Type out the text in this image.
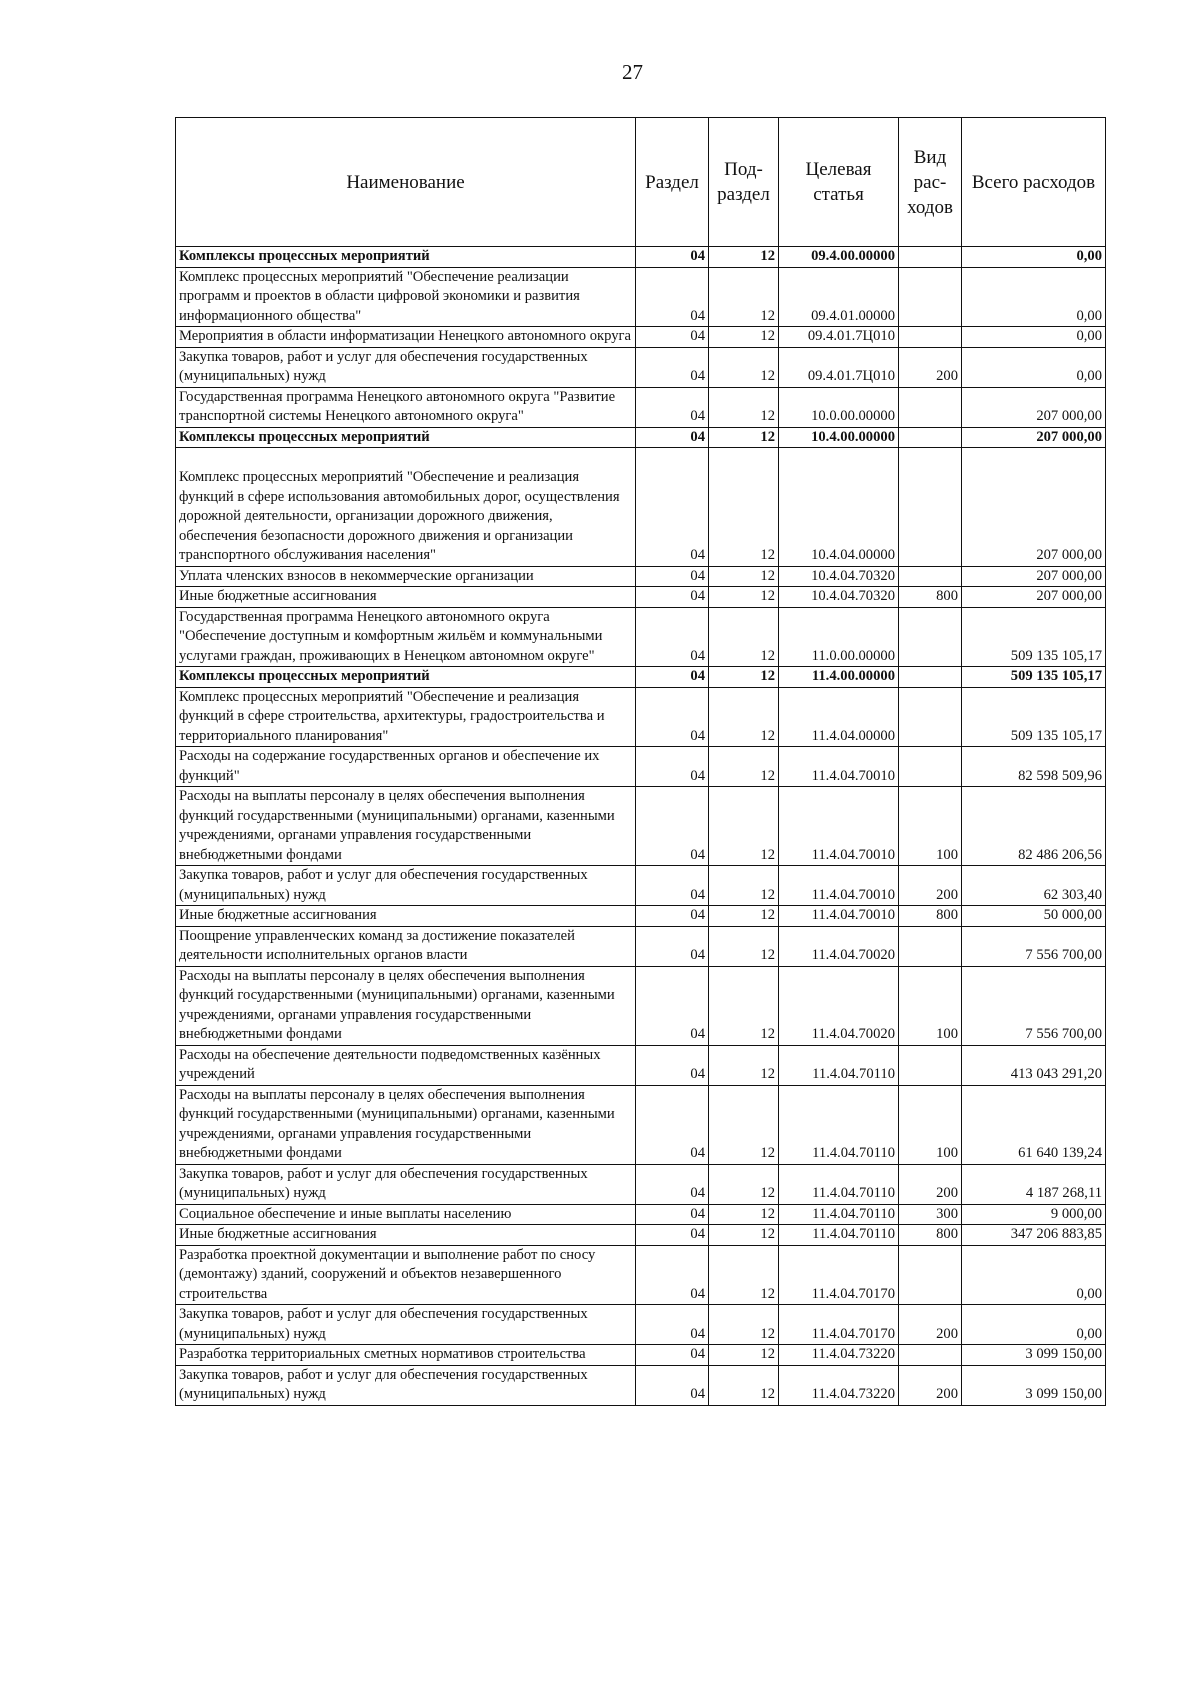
27
Наименование	Раздел	Под-раздел	Целевая статья	Вид рас-ходов	Всего расходов
Комплексы процессных мероприятий	04	12	09.4.00.00000		0,00
Комплекс процессных мероприятий "Обеспечение реализации программ и проектов в области цифровой экономики и развития информационного общества"	04	12	09.4.01.00000		0,00
Мероприятия в области информатизации Ненецкого автономного округа	04	12	09.4.01.7Ц010		0,00
Закупка товаров, работ и услуг для обеспечения государственных (муниципальных) нужд	04	12	09.4.01.7Ц010	200	0,00
Государственная программа Ненецкого автономного округа "Развитие транспортной системы Ненецкого автономного округа"	04	12	10.0.00.00000		207 000,00
Комплексы процессных мероприятий	04	12	10.4.00.00000		207 000,00
Комплекс процессных мероприятий "Обеспечение и реализация функций в сфере использования автомобильных дорог, осуществления дорожной деятельности, организации дорожного движения, обеспечения безопасности дорожного движения и организации транспортного обслуживания населения"	04	12	10.4.04.00000		207 000,00
Уплата членских взносов в некоммерческие организации	04	12	10.4.04.70320		207 000,00
Иные бюджетные ассигнования	04	12	10.4.04.70320	800	207 000,00
Государственная программа Ненецкого автономного округа "Обеспечение доступным и комфортным жильём и коммунальными услугами граждан, проживающих в Ненецком автономном округе"	04	12	11.0.00.00000		509 135 105,17
Комплексы процессных мероприятий	04	12	11.4.00.00000		509 135 105,17
Комплекс процессных мероприятий "Обеспечение и реализация функций в сфере строительства, архитектуры, градостроительства и территориального планирования"	04	12	11.4.04.00000		509 135 105,17
Расходы на содержание государственных органов и обеспечение их функций"	04	12	11.4.04.70010		82 598 509,96
Расходы на выплаты персоналу в целях обеспечения выполнения функций государственными (муниципальными) органами, казенными учреждениями, органами управления государственными внебюджетными фондами	04	12	11.4.04.70010	100	82 486 206,56
Закупка товаров, работ и услуг для обеспечения государственных (муниципальных) нужд	04	12	11.4.04.70010	200	62 303,40
Иные бюджетные ассигнования	04	12	11.4.04.70010	800	50 000,00
Поощрение управленческих команд за достижение показателей деятельности исполнительных органов власти	04	12	11.4.04.70020		7 556 700,00
Расходы на выплаты персоналу в целях обеспечения выполнения функций государственными (муниципальными) органами, казенными учреждениями, органами управления государственными внебюджетными фондами	04	12	11.4.04.70020	100	7 556 700,00
Расходы на обеспечение деятельности подведомственных казённых учреждений	04	12	11.4.04.70110		413 043 291,20
Расходы на выплаты персоналу в целях обеспечения выполнения функций государственными (муниципальными) органами, казенными учреждениями, органами управления государственными внебюджетными фондами	04	12	11.4.04.70110	100	61 640 139,24
Закупка товаров, работ и услуг для обеспечения государственных (муниципальных) нужд	04	12	11.4.04.70110	200	4 187 268,11
Социальное обеспечение и иные выплаты населению	04	12	11.4.04.70110	300	9 000,00
Иные бюджетные ассигнования	04	12	11.4.04.70110	800	347 206 883,85
Разработка проектной документации и выполнение работ по сносу (демонтажу) зданий, сооружений и объектов незавершенного строительства	04	12	11.4.04.70170		0,00
Закупка товаров, работ и услуг для обеспечения государственных (муниципальных) нужд	04	12	11.4.04.70170	200	0,00
Разработка территориальных сметных нормативов строительства	04	12	11.4.04.73220		3 099 150,00
Закупка товаров, работ и услуг для обеспечения государственных (муниципальных) нужд	04	12	11.4.04.73220	200	3 099 150,00
